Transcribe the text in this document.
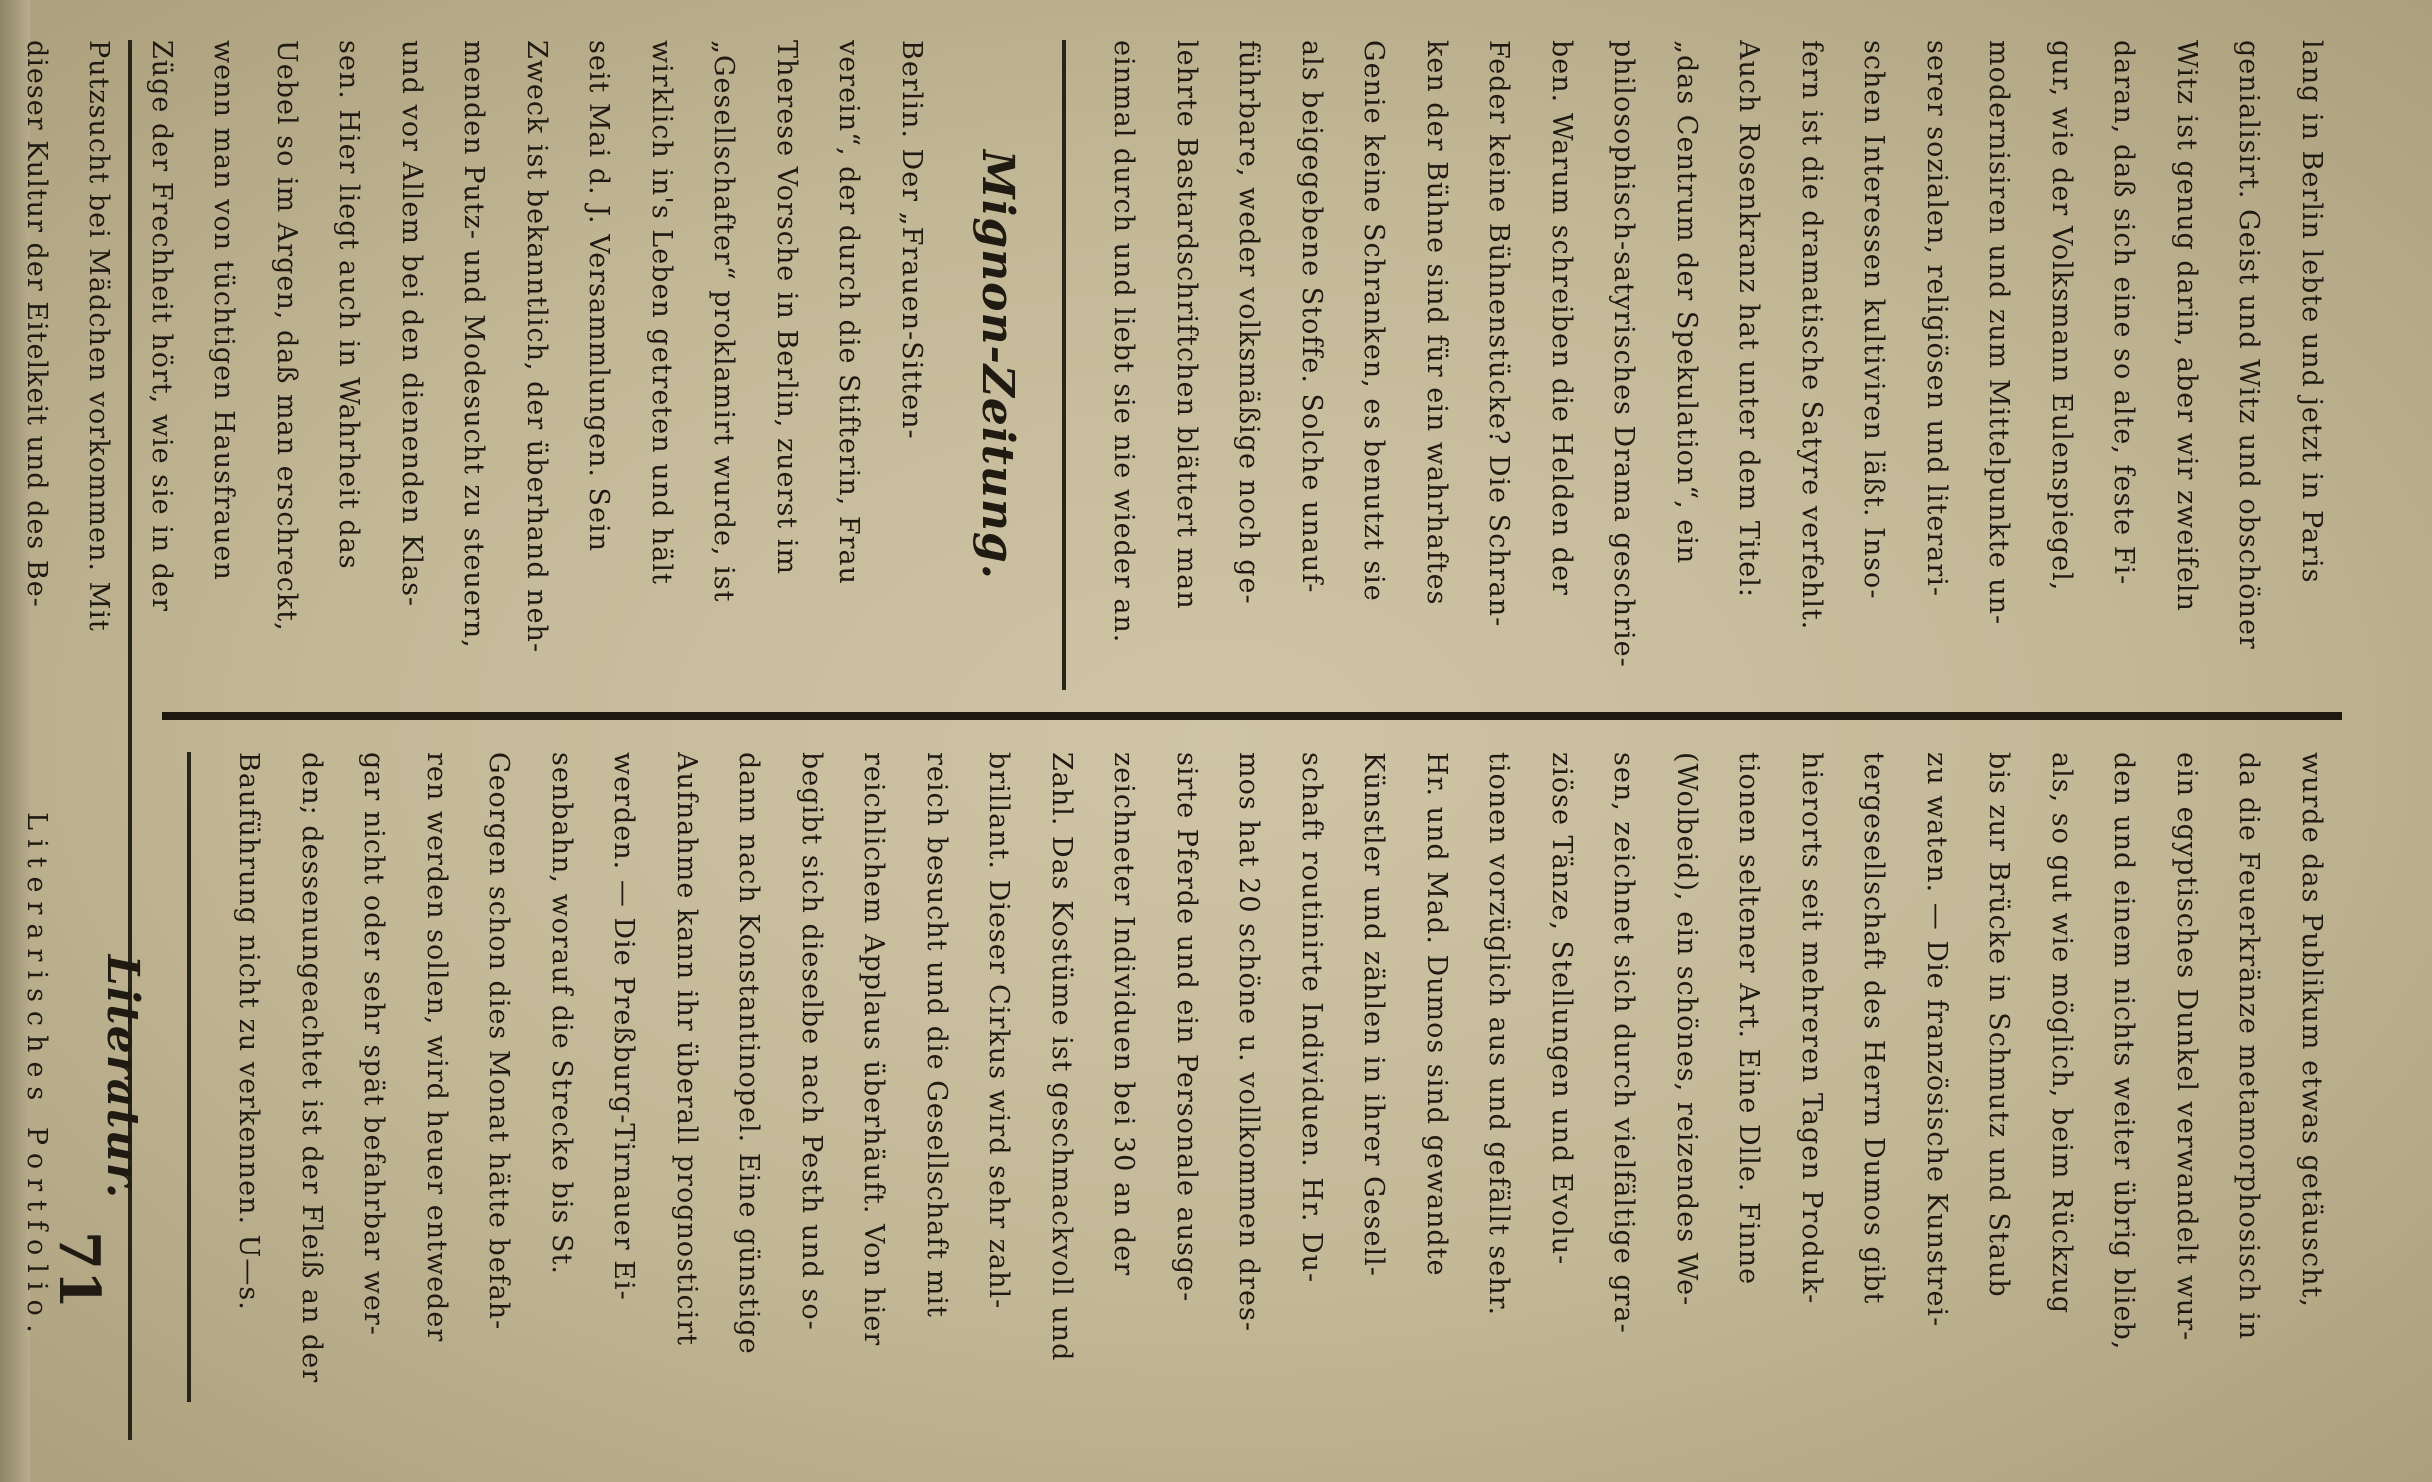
71
lang in Berlin lebte und jetzt in Paris
genialisirt. Geist und Witz und obschöner
Witz ist genug darin, aber wir zweifeln
daran, daß sich eine so alte, feste Fi-
gur, wie der Volksmann Eulenspiegel,
modernisiren und zum Mittelpunkte un-
serer sozialen, religiösen und literari-
schen Interessen kultiviren läßt. Inso-
fern ist die dramatische Satyre verfehlt.
Auch Rosenkranz hat unter dem Titel:
„das Centrum der Spekulation“, ein
philosophisch-satyrisches Drama geschrie-
ben. Warum schreiben die Helden der
Feder keine Bühnenstücke? Die Schran-
ken der Bühne sind für ein wahrhaftes
Genie keine Schranken, es benutzt sie
als beigegebene Stoffe. Solche unauf-
führbare, weder volksmäßige noch ge-
lehrte Bastardschriftchen blättert man
einmal durch und liebt sie nie wieder an.
Mignon-Zeitung.
Berlin. Der „Frauen-Sitten-
verein“, der durch die Stifterin, Frau
Therese Vorsche in Berlin, zuerst im
„Gesellschafter“ proklamirt wurde, ist
wirklich in's Leben getreten und hält
seit Mai d. J. Versammlungen. Sein
Zweck ist bekanntlich, der überhand neh-
menden Putz- und Modesucht zu steuern,
und vor Allem bei den dienenden Klas-
sen. Hier liegt auch in Wahrheit das
Uebel so im Argen, daß man erschreckt,
wenn man von tüchtigen Hausfrauen
Züge der Frechheit hört, wie sie in der
Putzsucht bei Mädchen vorkommen. Mit
dieser Kultur der Eitelkeit und des Be-
wurde das Publikum etwas getäuscht,
da die Feuerkränze metamorphosisch in
ein egyptisches Dunkel verwandelt wur-
den und einem nichts weiter übrig blieb,
als, so gut wie möglich, beim Rückzug
bis zur Brücke in Schmutz und Staub
zu waten. — Die französische Kunstrei-
tergesellschaft des Herrn Dumos gibt
hierorts seit mehreren Tagen Produk-
tionen seltener Art. Eine Dlle. Finne
(Wolbeid), ein schönes, reizendes We-
sen, zeichnet sich durch vielfältige gra-
ziöse Tänze, Stellungen und Evolu-
tionen vorzüglich aus und gefällt sehr.
Hr. und Mad. Dumos sind gewandte
Künstler und zählen in ihrer Gesell-
schaft routinirte Individuen. Hr. Du-
mos hat 20 schöne u. vollkommen dres-
sirte Pferde und ein Personale ausge-
zeichneter Individuen bei 30 an der
Zahl. Das Kostüme ist geschmackvoll und
brillant. Dieser Cirkus wird sehr zahl-
reich besucht und die Gesellschaft mit
reichlichem Applaus überhäuft. Von hier
begibt sich dieselbe nach Pesth und so-
dann nach Konstantinopel. Eine günstige
Aufnahme kann ihr überall prognosticirt
werden. — Die Preßburg-Tirnauer Ei-
senbahn, worauf die Strecke bis St.
Georgen schon dies Monat hätte befah-
ren werden sollen, wird heuer entweder
gar nicht oder sehr spät befahrbar wer-
den; dessenungeachtet ist der Fleiß an der
Bauführung nicht zu verkennen. U—s.
Literatur.
Literarisches Portfolio.
